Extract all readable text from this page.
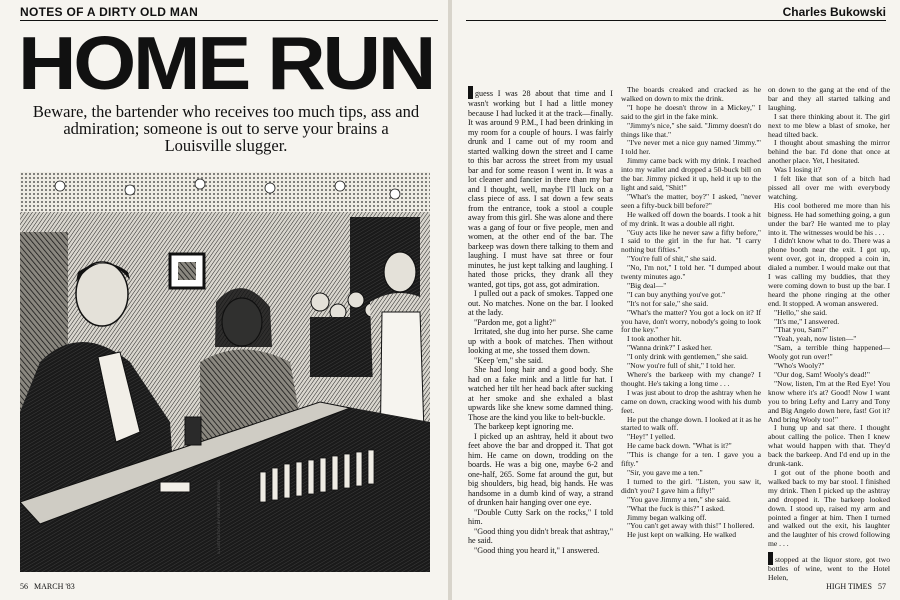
NOTES OF A DIRTY OLD MAN
HOME RUN
Beware, the bartender who receives too much tips, ass and admiration; someone is out to serve your brains a Louisville slugger.
ILLUSTRATION BY ROBERT LEVERING
56 MARCH '83
Charles Bukowski

guess I was 28 about that time and I wasn't working but I had a little money because I had lucked it at the track—finally. It was around 9 P.M., I had been drinking in my room for a couple of hours. I was fairly drunk and I came out of my room and started walking down the street and I came to this bar across the street from my usual bar and for some reason I went in. It was a lot cleaner and fancier in there than my bar and I thought, well, maybe I'll luck on a class piece of ass. I sat down a few seats from the entrance, took a stool a couple away from this girl. She was alone and there was a gang of four or five people, men and women, at the other end of the bar. The barkeep was down there talking to them and laughing. I must have sat three or four minutes, he just kept talking and laughing. I hated those pricks, they drank all they wanted, got tips, got ass, got admiration.

I pulled out a pack of smokes. Tapped one out. No matches. None on the bar. I looked at the lady.

"Pardon me, got a light?"

Irritated, she dug into her purse. She came up with a book of matches. Then without looking at me, she tossed them down.

"Keep 'em," she said.

She had long hair and a good body. She had on a fake mink and a little fur hat. I watched her tilt her head back after sucking at her smoke and she exhaled a blast upwards like she knew some damned thing. Those are the kind you like to belt-buckle.

The barkeep kept ignoring me.

I picked up an ashtray, held it about two feet above the bar and dropped it. That got him. He came on down, trodding on the boards. He was a big one, maybe 6-2 and one-half, 265. Some fat around the gut, but big shoulders, big head, big hands. He was handsome in a dumb kind of way, a strand of drunken hair hanging over one eye.

"Double Cutty Sark on the rocks," I told him.

"Good thing you didn't break that ashtray," he said.

"Good thing you heard it," I answered.

The boards creaked and cracked as he walked on down to mix the drink.

"I hope he doesn't throw in a Mickey," I said to the girl in the fake mink.

"Jimmy's nice," she said. "Jimmy doesn't do things like that."

"I've never met a nice guy named 'Jimmy.'" I told her.

Jimmy came back with my drink. I reached into my wallet and dropped a 50-buck bill on the bar. Jimmy picked it up, held it up to the light and said, "Shit!"

"What's the matter, boy?" I asked, "never seen a fifty-buck bill before?"

He walked off down the boards. I took a hit of my drink. It was a double all right.

"Guy acts like he never saw a fifty before," I said to the girl in the fur hat. "I carry nothing but fifties."

"You're full of shit," she said.

"No, I'm not," I told her. "I dumped about twenty minutes ago."

"Big deal—"

"I can buy anything you've got."

"It's not for sale," she said.

"What's the matter? You got a lock on it? If you have, don't worry, nobody's going to look for the key."

I took another hit.

"Wanna drink?" I asked her.

"I only drink with gentlemen," she said.

"Now you're full of shit," I told her.

Where's the barkeep with my change? I thought. He's taking a long time . . .

I was just about to drop the ashtray when he came on down, cracking wood with his dumb feet.

He put the change down. I looked at it as he started to walk off.

"Hey!" I yelled.

He came back down. "What is it?"

"This is change for a ten. I gave you a fifty."

"Sir, you gave me a ten."

I turned to the girl. "Listen, you saw it, didn't you? I gave him a fifty!"

"You gave Jimmy a ten," she said.

"What the fuck is this?" I asked.

Jimmy began walking off.

"You can't get away with this!" I hollered.

He just kept on walking. He walked

on down to the gang at the end of the bar and they all started talking and laughing.

I sat there thinking about it. The girl next to me blew a blast of smoke, her head tilted back.

I thought about smashing the mirror behind the bar. I'd done that once at another place. Yet, I hesitated.

Was I losing it?

I felt like that son of a bitch had pissed all over me with everybody watching.

His cool bothered me more than his bigness. He had something going, a gun under the bar? He wanted me to play into it. The witnesses would be his . . .

I didn't know what to do. There was a phone booth near the exit. I got up, went over, got in, dropped a coin in, dialed a number. I would make out that I was calling my buddies, that they were coming down to bust up the bar. I heard the phone ringing at the other end. It stopped. A woman answered.

"Hello," she said.

"It's me," I answered.

"That you, Sam?"

"Yeah, yeah, now listen—"

"Sam, a terrible thing happened—Wooly got run over!"

"Who's Wooly?"

"Our dog, Sam! Wooly's dead!"

"Now, listen, I'm at the Red Eye! You know where it's at? Good! Now I want you to bring Lefty and Larry and Tony and Big Angelo down here, fast! Got it? And bring Wooly too!"

I hung up and sat there. I thought about calling the police. Then I knew what would happen with that. They'd back the barkeep. And I'd end up in the drunk-tank.

I got out of the phone booth and walked back to my bar stool. I finished my drink. Then I picked up the ashtray and dropped it. The barkeep looked down. I stood up, raised my arm and pointed a finger at him. Then I turned and walked out the exit, his laughter and the laughter of his crowd following me . . .

stopped at the liquor store, got two bottles of wine, went to the Hotel Helen,

HIGH TIMES 57
